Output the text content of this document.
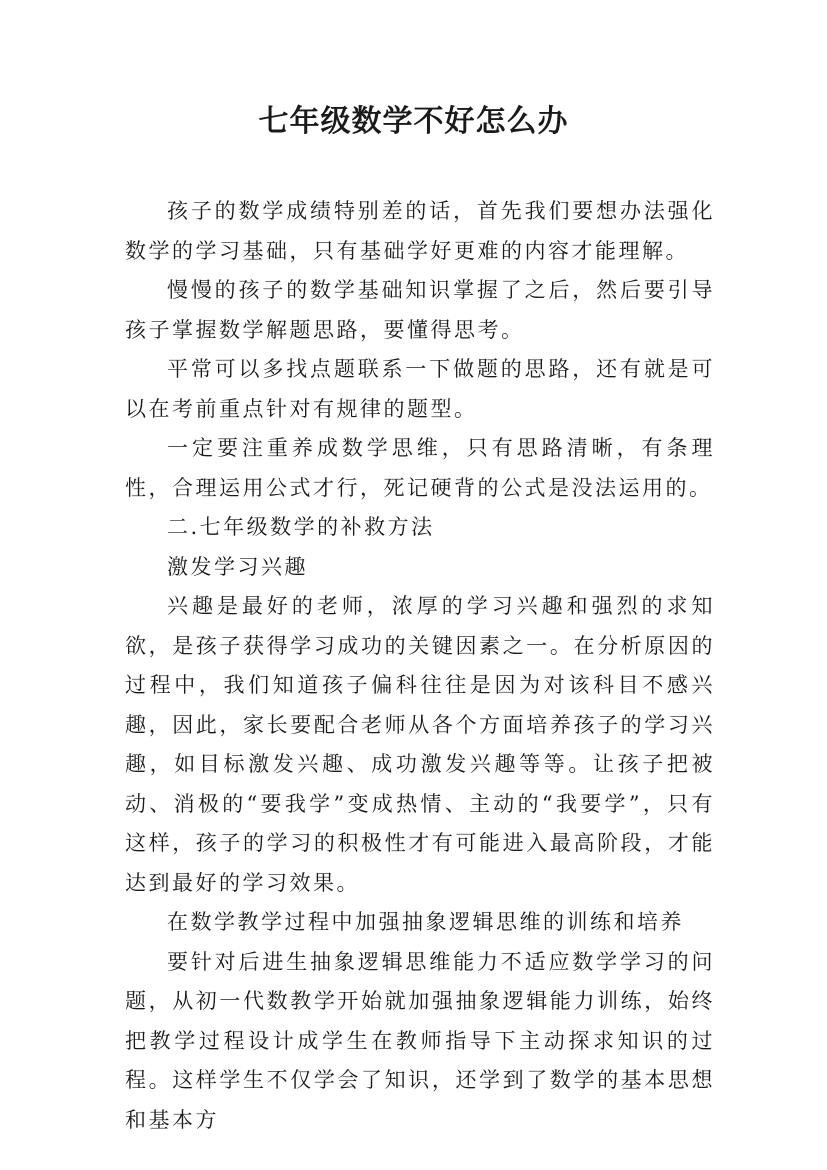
七年级数学不好怎么办

孩子的数学成绩特别差的话，首先我们要想办法强化数学的学习基础，只有基础学好更难的内容才能理解。

慢慢的孩子的数学基础知识掌握了之后，然后要引导孩子掌握数学解题思路，要懂得思考。

平常可以多找点题联系一下做题的思路，还有就是可以在考前重点针对有规律的题型。

一定要注重养成数学思维，只有思路清晰，有条理性，合理运用公式才行，死记硬背的公式是没法运用的。

二.七年级数学的补救方法

激发学习兴趣

兴趣是最好的老师，浓厚的学习兴趣和强烈的求知欲，是孩子获得学习成功的关键因素之一。在分析原因的过程中，我们知道孩子偏科往往是因为对该科目不感兴趣，因此，家长要配合老师从各个方面培养孩子的学习兴趣，如目标激发兴趣、成功激发兴趣等等。让孩子把被动、消极的“要我学”变成热情、主动的“我要学”，只有这样，孩子的学习的积极性才有可能进入最高阶段，才能达到最好的学习效果。

在数学教学过程中加强抽象逻辑思维的训练和培养

要针对后进生抽象逻辑思维能力不适应数学学习的问题，从初一代数教学开始就加强抽象逻辑能力训练，始终把教学过程设计成学生在教师指导下主动探求知识的过程。这样学生不仅学会了知识，还学到了数学的基本思想和基本方
